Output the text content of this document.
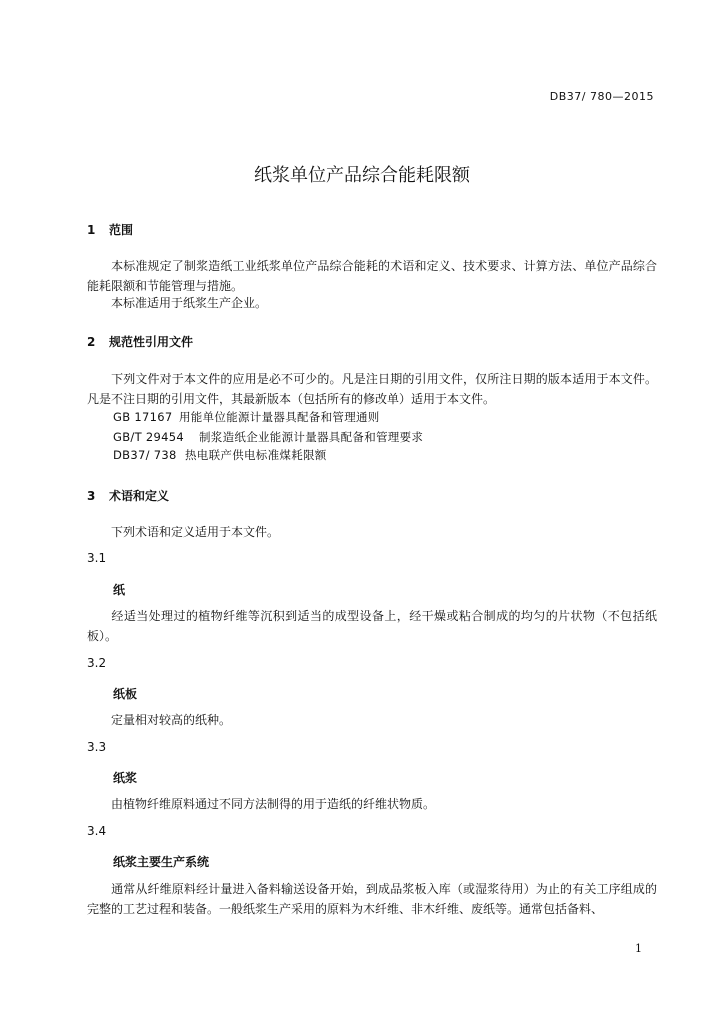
DB37/ 780—2015
纸浆单位产品综合能耗限额
1 范围
本标准规定了制浆造纸工业纸浆单位产品综合能耗的术语和定义、技术要求、计算方法、单位产品综合能耗限额和节能管理与措施。
本标准适用于纸浆生产企业。
2 规范性引用文件
下列文件对于本文件的应用是必不可少的。凡是注日期的引用文件，仅所注日期的版本适用于本文件。凡是不注日期的引用文件，其最新版本（包括所有的修改单）适用于本文件。
GB 17167 用能单位能源计量器具配备和管理通则
GB/T 29454 制浆造纸企业能源计量器具配备和管理要求
DB37/ 738 热电联产供电标准煤耗限额
3 术语和定义
下列术语和定义适用于本文件。
3.1
纸
经适当处理过的植物纤维等沉积到适当的成型设备上，经干燥或粘合制成的均匀的片状物（不包括纸板）。
3.2
纸板
定量相对较高的纸种。
3.3
纸浆
由植物纤维原料通过不同方法制得的用于造纸的纤维状物质。
3.4
纸浆主要生产系统
通常从纤维原料经计量进入备料输送设备开始，到成品浆板入库（或湿浆待用）为止的有关工序组成的完整的工艺过程和装备。一般纸浆生产采用的原料为木纤维、非木纤维、废纸等。通常包括备料、
1
